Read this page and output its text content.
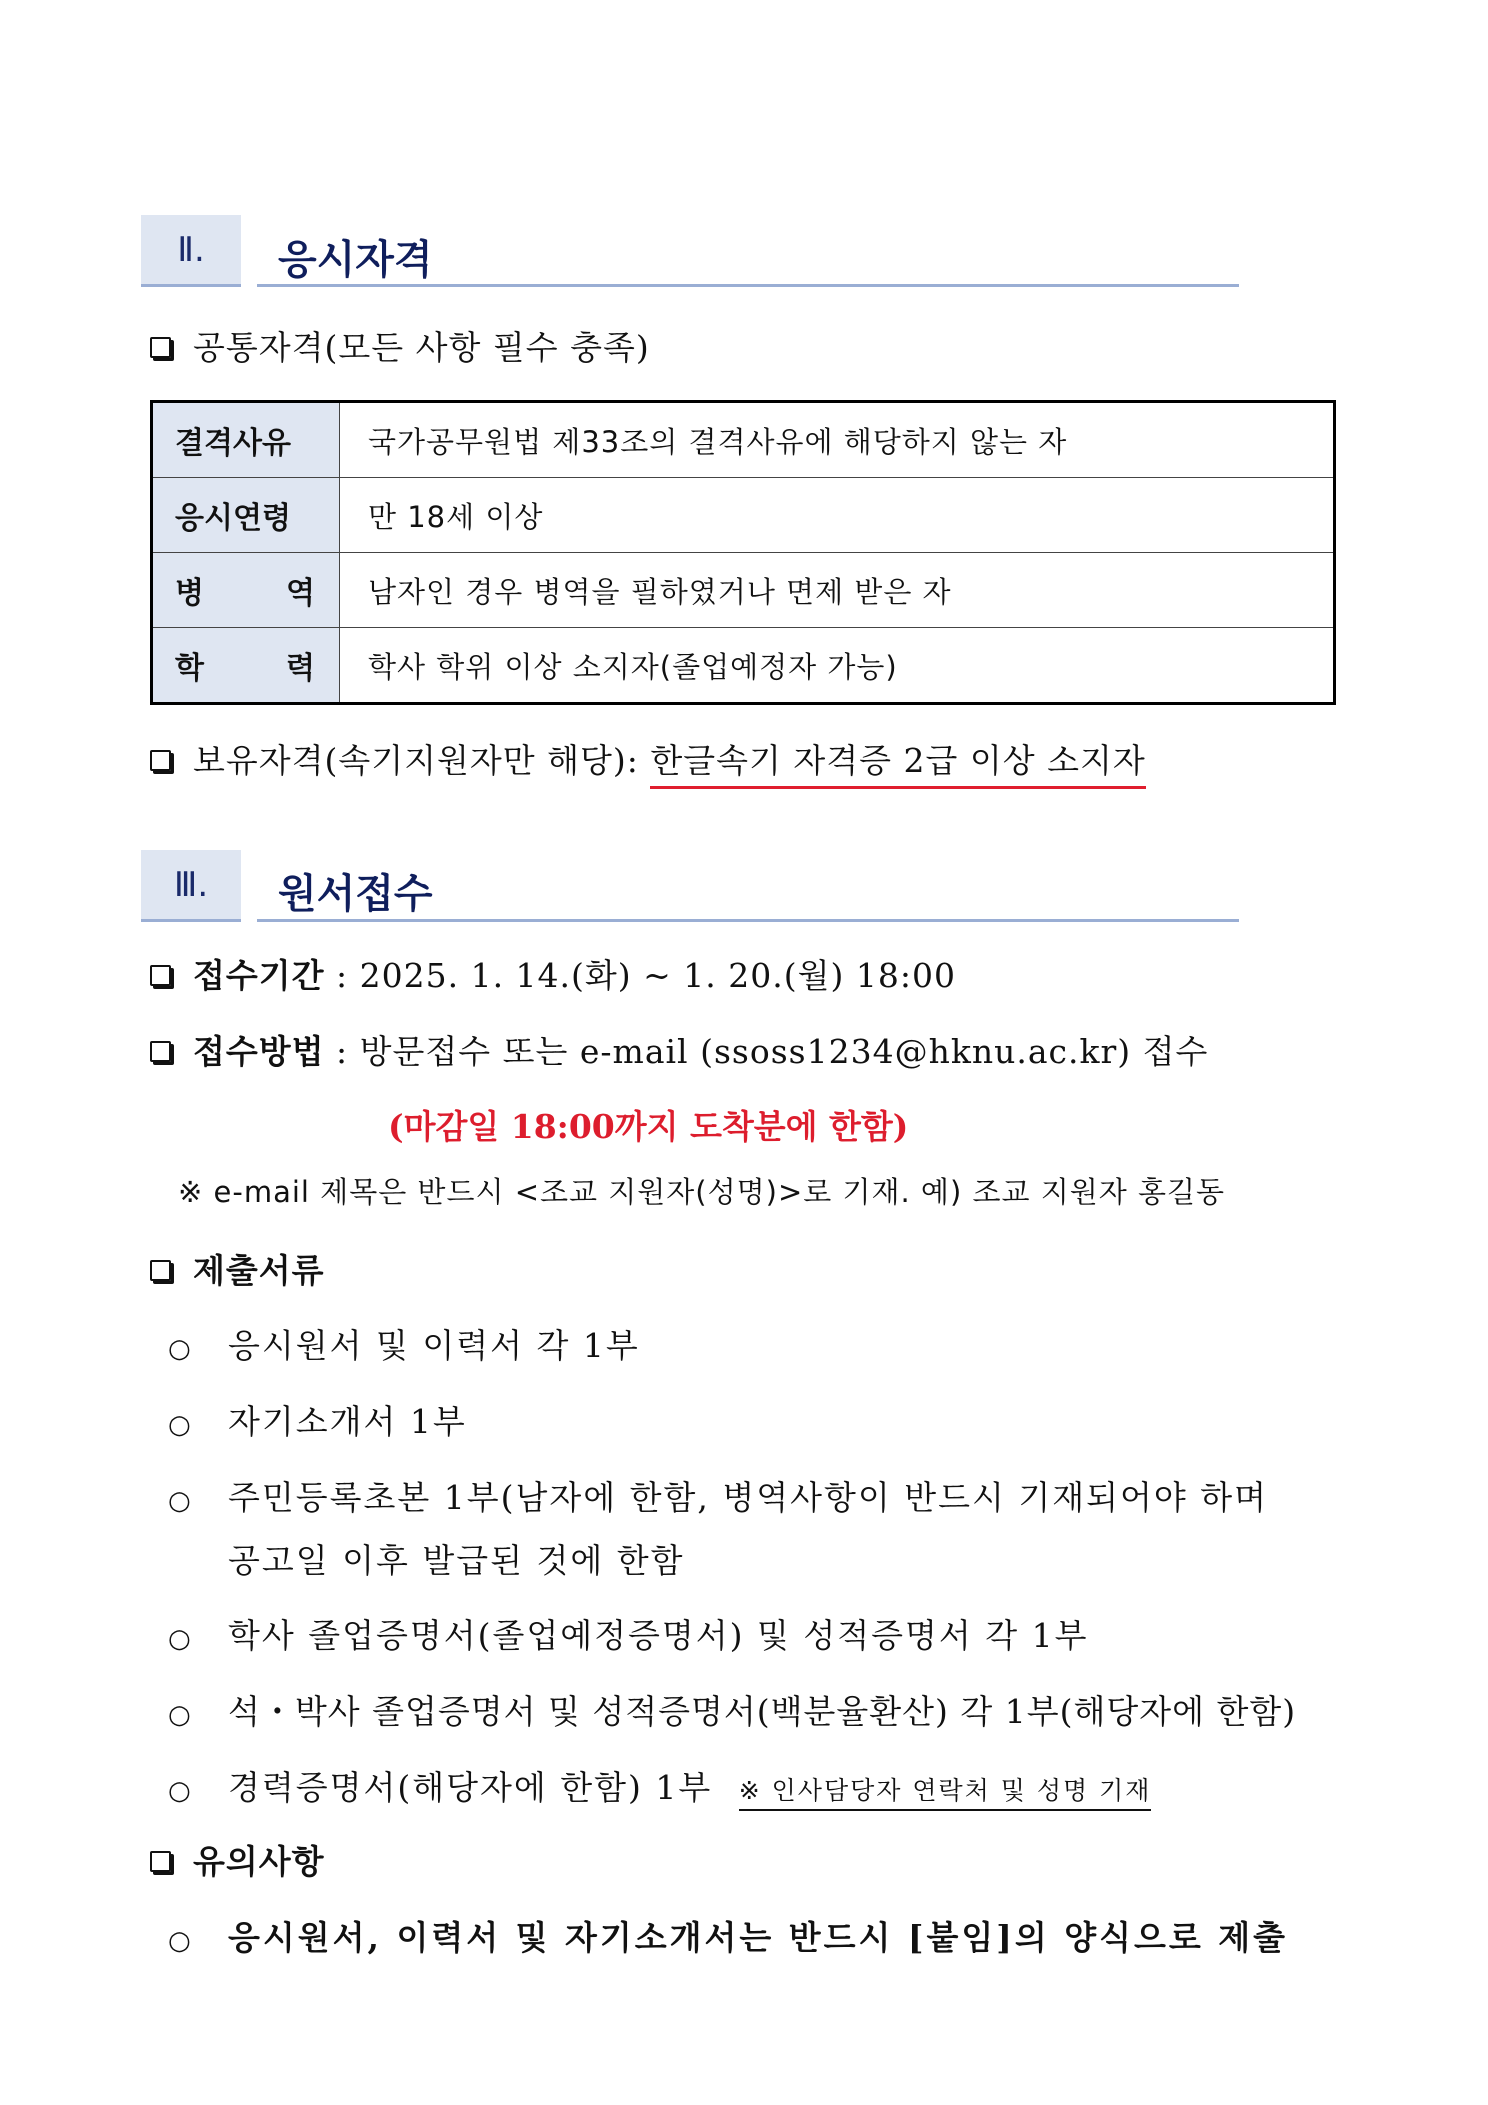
Ⅱ.	응시자격
공통자격(모든 사항 필수 충족)
결격사유	국가공무원법 제33조의 결격사유에 해당하지 않는 자
응시연령	만 18세 이상

병 역	남자인 경우 병역을 필하였거나 면제 받은 자

학 력	학사 학위 이상 소지자(졸업예정자 가능)
보유자격(속기지원자만 해당): 한글속기 자격증 2급 이상 소지자
Ⅲ.	원서접수
접수기간 : 2025. 1. 14.(화) ~ 1. 20.(월) 18:00
접수방법 : 방문접수 또는 e-mail (ssoss1234@hknu.ac.kr) 접수
(마감일 18:00까지 도착분에 한함)
※ e-mail 제목은 반드시 <조교 지원자(성명)>로 기재. 예) 조교 지원자 홍길동
제출서류
○ 응시원서 및 이력서 각 1부
○ 자기소개서 1부
○ 주민등록초본 1부(남자에 한함, 병역사항이 반드시 기재되어야 하며
공고일 이후 발급된 것에 한함
○ 학사 졸업증명서(졸업예정증명서) 및 성적증명서 각 1부
○ 석・박사 졸업증명서 및 성적증명서(백분율환산) 각 1부(해당자에 한함)
○ 경력증명서(해당자에 한함) 1부 ※ 인사담당자 연락처 및 성명 기재
유의사항
○ 응시원서, 이력서 및 자기소개서는 반드시 [붙임]의 양식으로 제출
